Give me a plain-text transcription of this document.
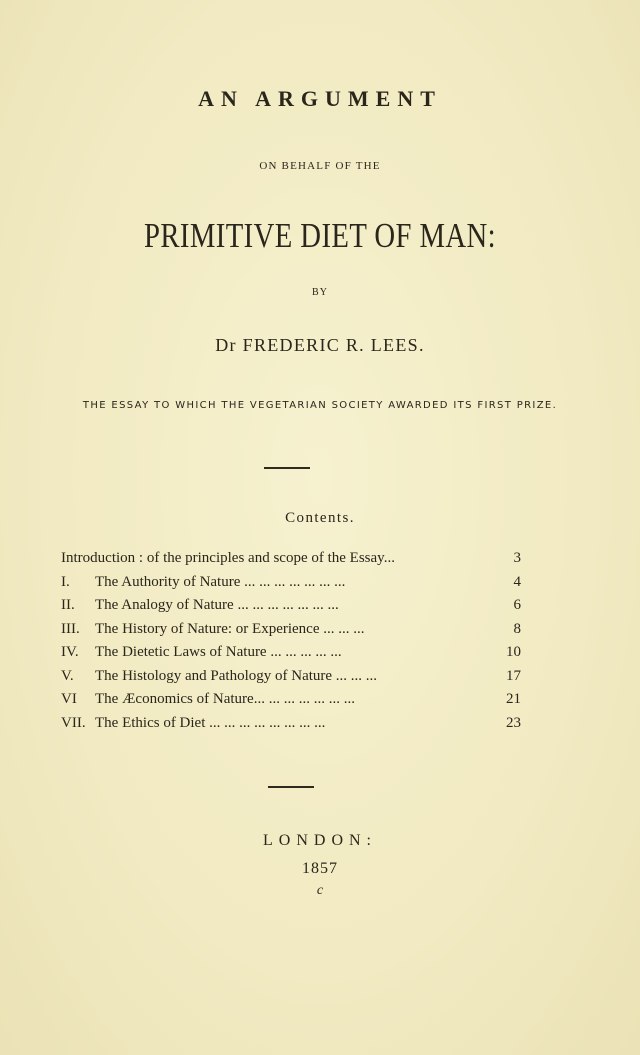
AN ARGUMENT
ON BEHALF OF THE
PRIMITIVE DIET OF MAN:
BY
Dr FREDERIC R. LEES.
THE ESSAY TO WHICH THE VEGETARIAN SOCIETY AWARDED ITS FIRST PRIZE.
Contents.
Introduction : of the principles and scope of the Essay...	3
I.	The Authority of Nature ... ... ... ... ... ... ...	4
II.	The Analogy of Nature ... ... ... ... ... ... ...	6
III.	The History of Nature: or Experience ... ... ...	8
IV.	The Dietetic Laws of Nature ... ... ... ... ...	10
V.	The Histology and Pathology of Nature ... ... ...	17
VI	The Æconomics of Nature... ... ... ... ... ... ...	21
VII. The Ethics of Diet ... ... ... ... ... ... ... ...	23
LONDON:
1857
c
